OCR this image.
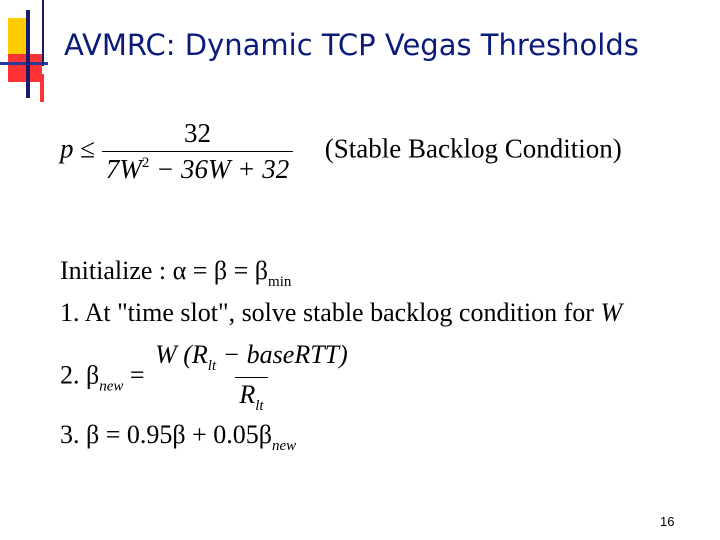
AVMRC: Dynamic TCP Vegas Thresholds
$p \le \frac{32}{7W^2 - 36W + 32}$ (Stable Backlog Condition)
Initialize : $\alpha = \beta = \beta_{min}$
1. At "time slot", solve stable backlog condition for W
2. $\beta_{new} = \frac{W (R_{lt} - baseRTT)}{R_{lt}}$
3. $\beta = 0.95\beta + 0.05\beta_{new}$
16
